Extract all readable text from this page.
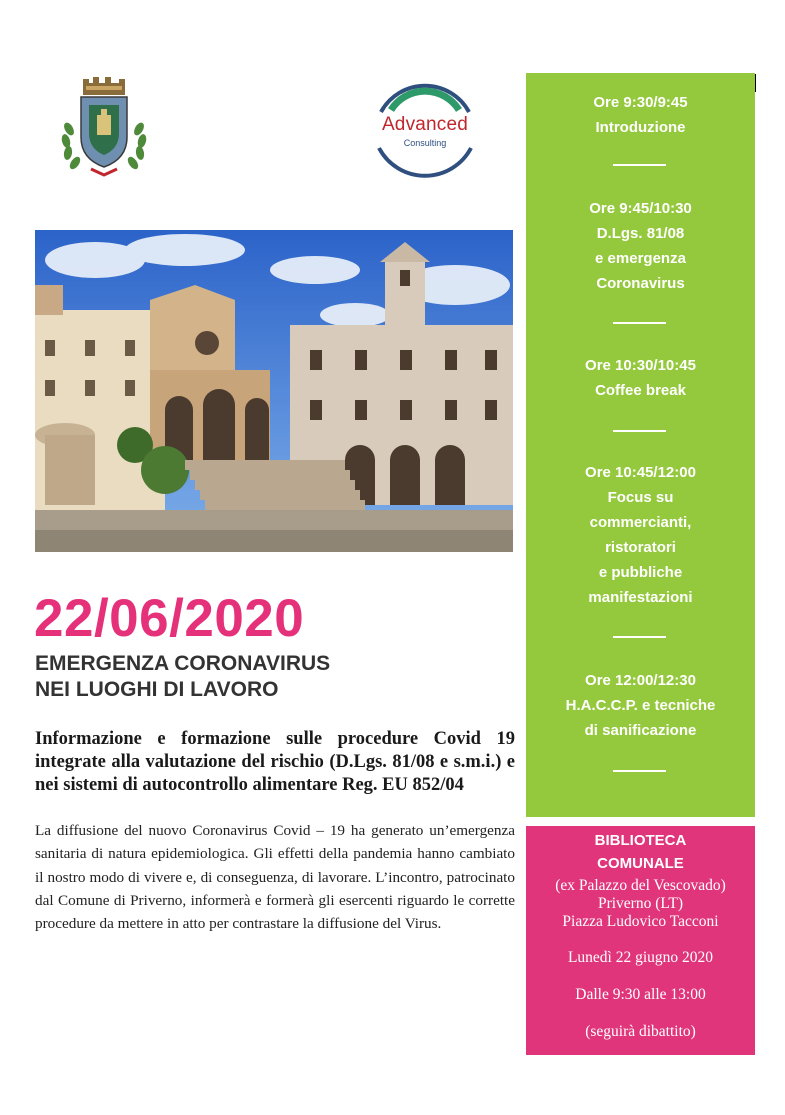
Advanced
Consulting
22/06/2020
EMERGENZA CORONAVIRUS
NEI LUOGHI DI LAVORO
Informazione e formazione sulle procedure Covid 19 integrate alla valutazione del rischio (D.Lgs. 81/08 e s.m.i.) e nei sistemi di autocontrollo alimentare Reg. EU 852/04
La diffusione del nuovo Coronavirus Covid – 19 ha generato un’emergenza sanitaria di natura epidemiologica. Gli effetti della pandemia hanno cambiato il nostro modo di vivere e, di conseguenza, di lavorare. L’incontro, patrocinato dal Comune di Priverno, informerà e formerà gli esercenti riguardo le corrette procedure da mettere in atto per contrastare la diffusione del Virus.
Ore 9:30/9:45
Introduzione
Ore 9:45/10:30
D.Lgs. 81/08
e emergenza
Coronavirus
Ore 10:30/10:45
Coffee break
Ore 10:45/12:00
Focus su
commercianti,
ristoratori
e pubbliche
manifestazioni
Ore 12:00/12:30
H.A.C.C.P. e tecniche
di sanificazione
BIBLIOTECA
COMUNALE
(ex Palazzo del Vescovado)
Priverno (LT)
Piazza Ludovico Tacconi
Lunedì 22 giugno 2020
Dalle 9:30 alle 13:00
(seguirà dibattito)
